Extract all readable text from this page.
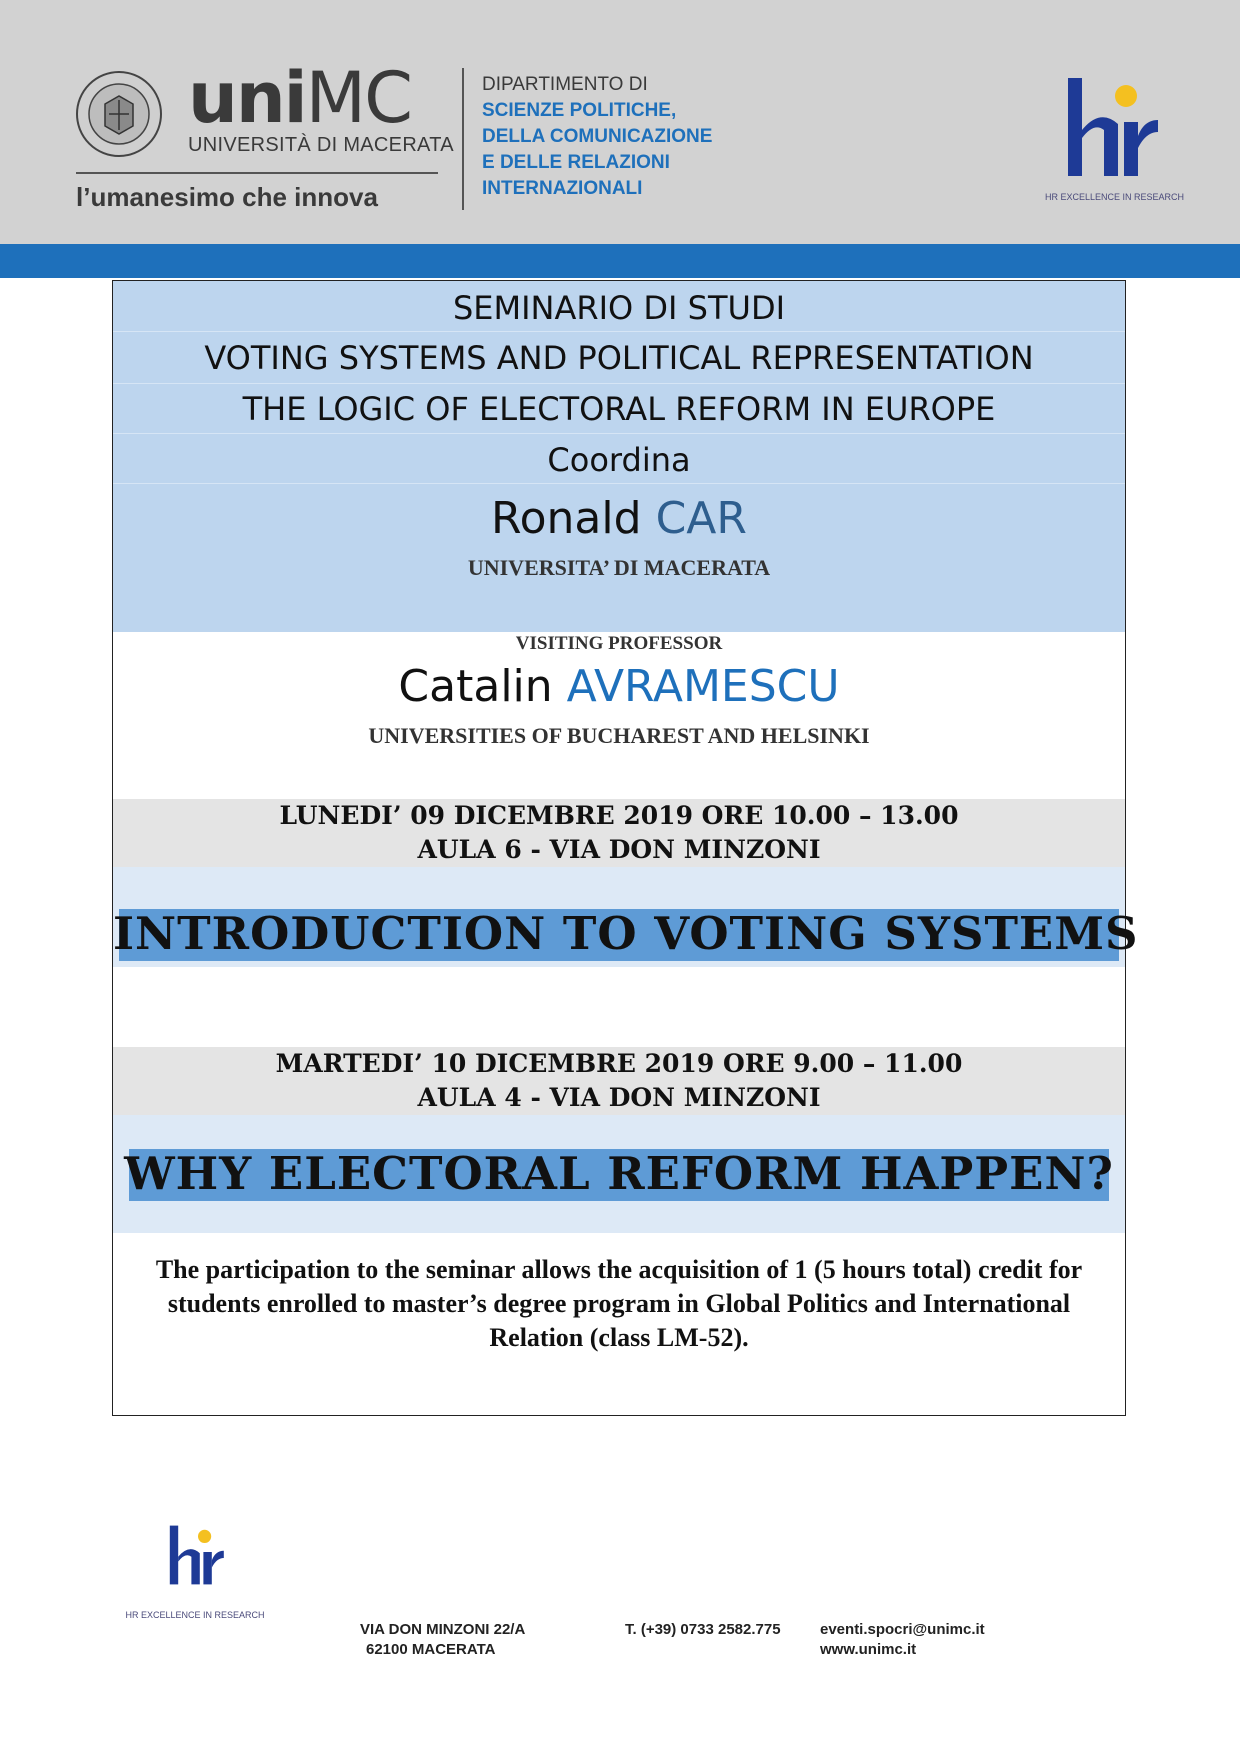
uniMC
UNIVERSITÀ DI MACERATA
l’umanesimo che innova
DIPARTIMENTO DI
SCIENZE POLITICHE,
DELLA COMUNICAZIONE
E DELLE RELAZIONI
INTERNAZIONALI	HR EXCELLENCE IN RESEARCH
SEMINARIO DI STUDI
VOTING SYSTEMS AND POLITICAL REPRESENTATION
THE LOGIC OF ELECTORAL REFORM IN EUROPE
Coordina
Ronald CAR
UNIVERSITA’ DI MACERATA
VISITING PROFESSOR
Catalin AVRAMESCU
UNIVERSITIES OF BUCHAREST AND HELSINKI
LUNEDI’ 09 DICEMBRE 2019 ORE 10.00 – 13.00
AULA 6 - VIA DON MINZONI
INTRODUCTION TO VOTING SYSTEMS
MARTEDI’ 10 DICEMBRE 2019 ORE 9.00 – 11.00
AULA 4 - VIA DON MINZONI
WHY ELECTORAL REFORM HAPPEN?
The participation to the seminar allows the acquisition of 1 (5 hours total) credit for students enrolled to master’s degree program in Global Politics and International Relation (class LM-52).
HR EXCELLENCE IN RESEARCH
VIA DON MINZONI 22/A
62100 MACERATA
T. (+39) 0733 2582.775	eventi.spocri@unimc.it
www.unimc.it
